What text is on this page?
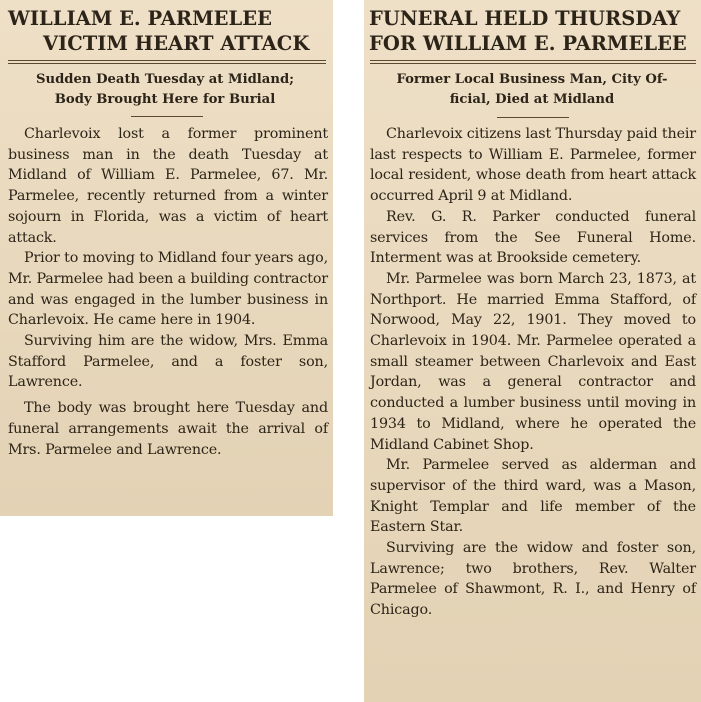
WILLIAM E. PARMELEE
VICTIM HEART ATTACK
Sudden Death Tuesday at Midland;
Body Brought Here for Burial

Charlevoix lost a former prominent business man in the death Tuesday at Midland of William E. Parmelee, 67. Mr. Parmelee, recently returned from a winter sojourn in Florida, was a victim of heart attack.

Prior to moving to Midland four years ago, Mr. Parmelee had been a building contractor and was engaged in the lumber business in Charlevoix. He came here in 1904.

Surviving him are the widow, Mrs. Emma Stafford Parmelee, and a foster son, Lawrence.

The body was brought here Tuesday and funeral arrangements await the arrival of Mrs. Parmelee and Lawrence.

FUNERAL HELD THURSDAY
FOR WILLIAM E. PARMELEE
Former Local Business Man, City Of-
ficial, Died at Midland

Charlevoix citizens last Thursday paid their last respects to William E. Parmelee, former local resident, whose death from heart attack occurred April 9 at Midland.

Rev. G. R. Parker conducted funeral services from the See Funeral Home. Interment was at Brookside cemetery.

Mr. Parmelee was born March 23, 1873, at Northport. He married Emma Stafford, of Norwood, May 22, 1901. They moved to Charlevoix in 1904. Mr. Parmelee operated a small steamer between Charlevoix and East Jordan, was a general contractor and conducted a lumber business until moving in 1934 to Midland, where he operated the Midland Cabinet Shop.

Mr. Parmelee served as alderman and supervisor of the third ward, was a Mason, Knight Templar and life member of the Eastern Star.

Surviving are the widow and foster son, Lawrence; two brothers, Rev. Walter Parmelee of Shawmont, R. I., and Henry of Chicago.
